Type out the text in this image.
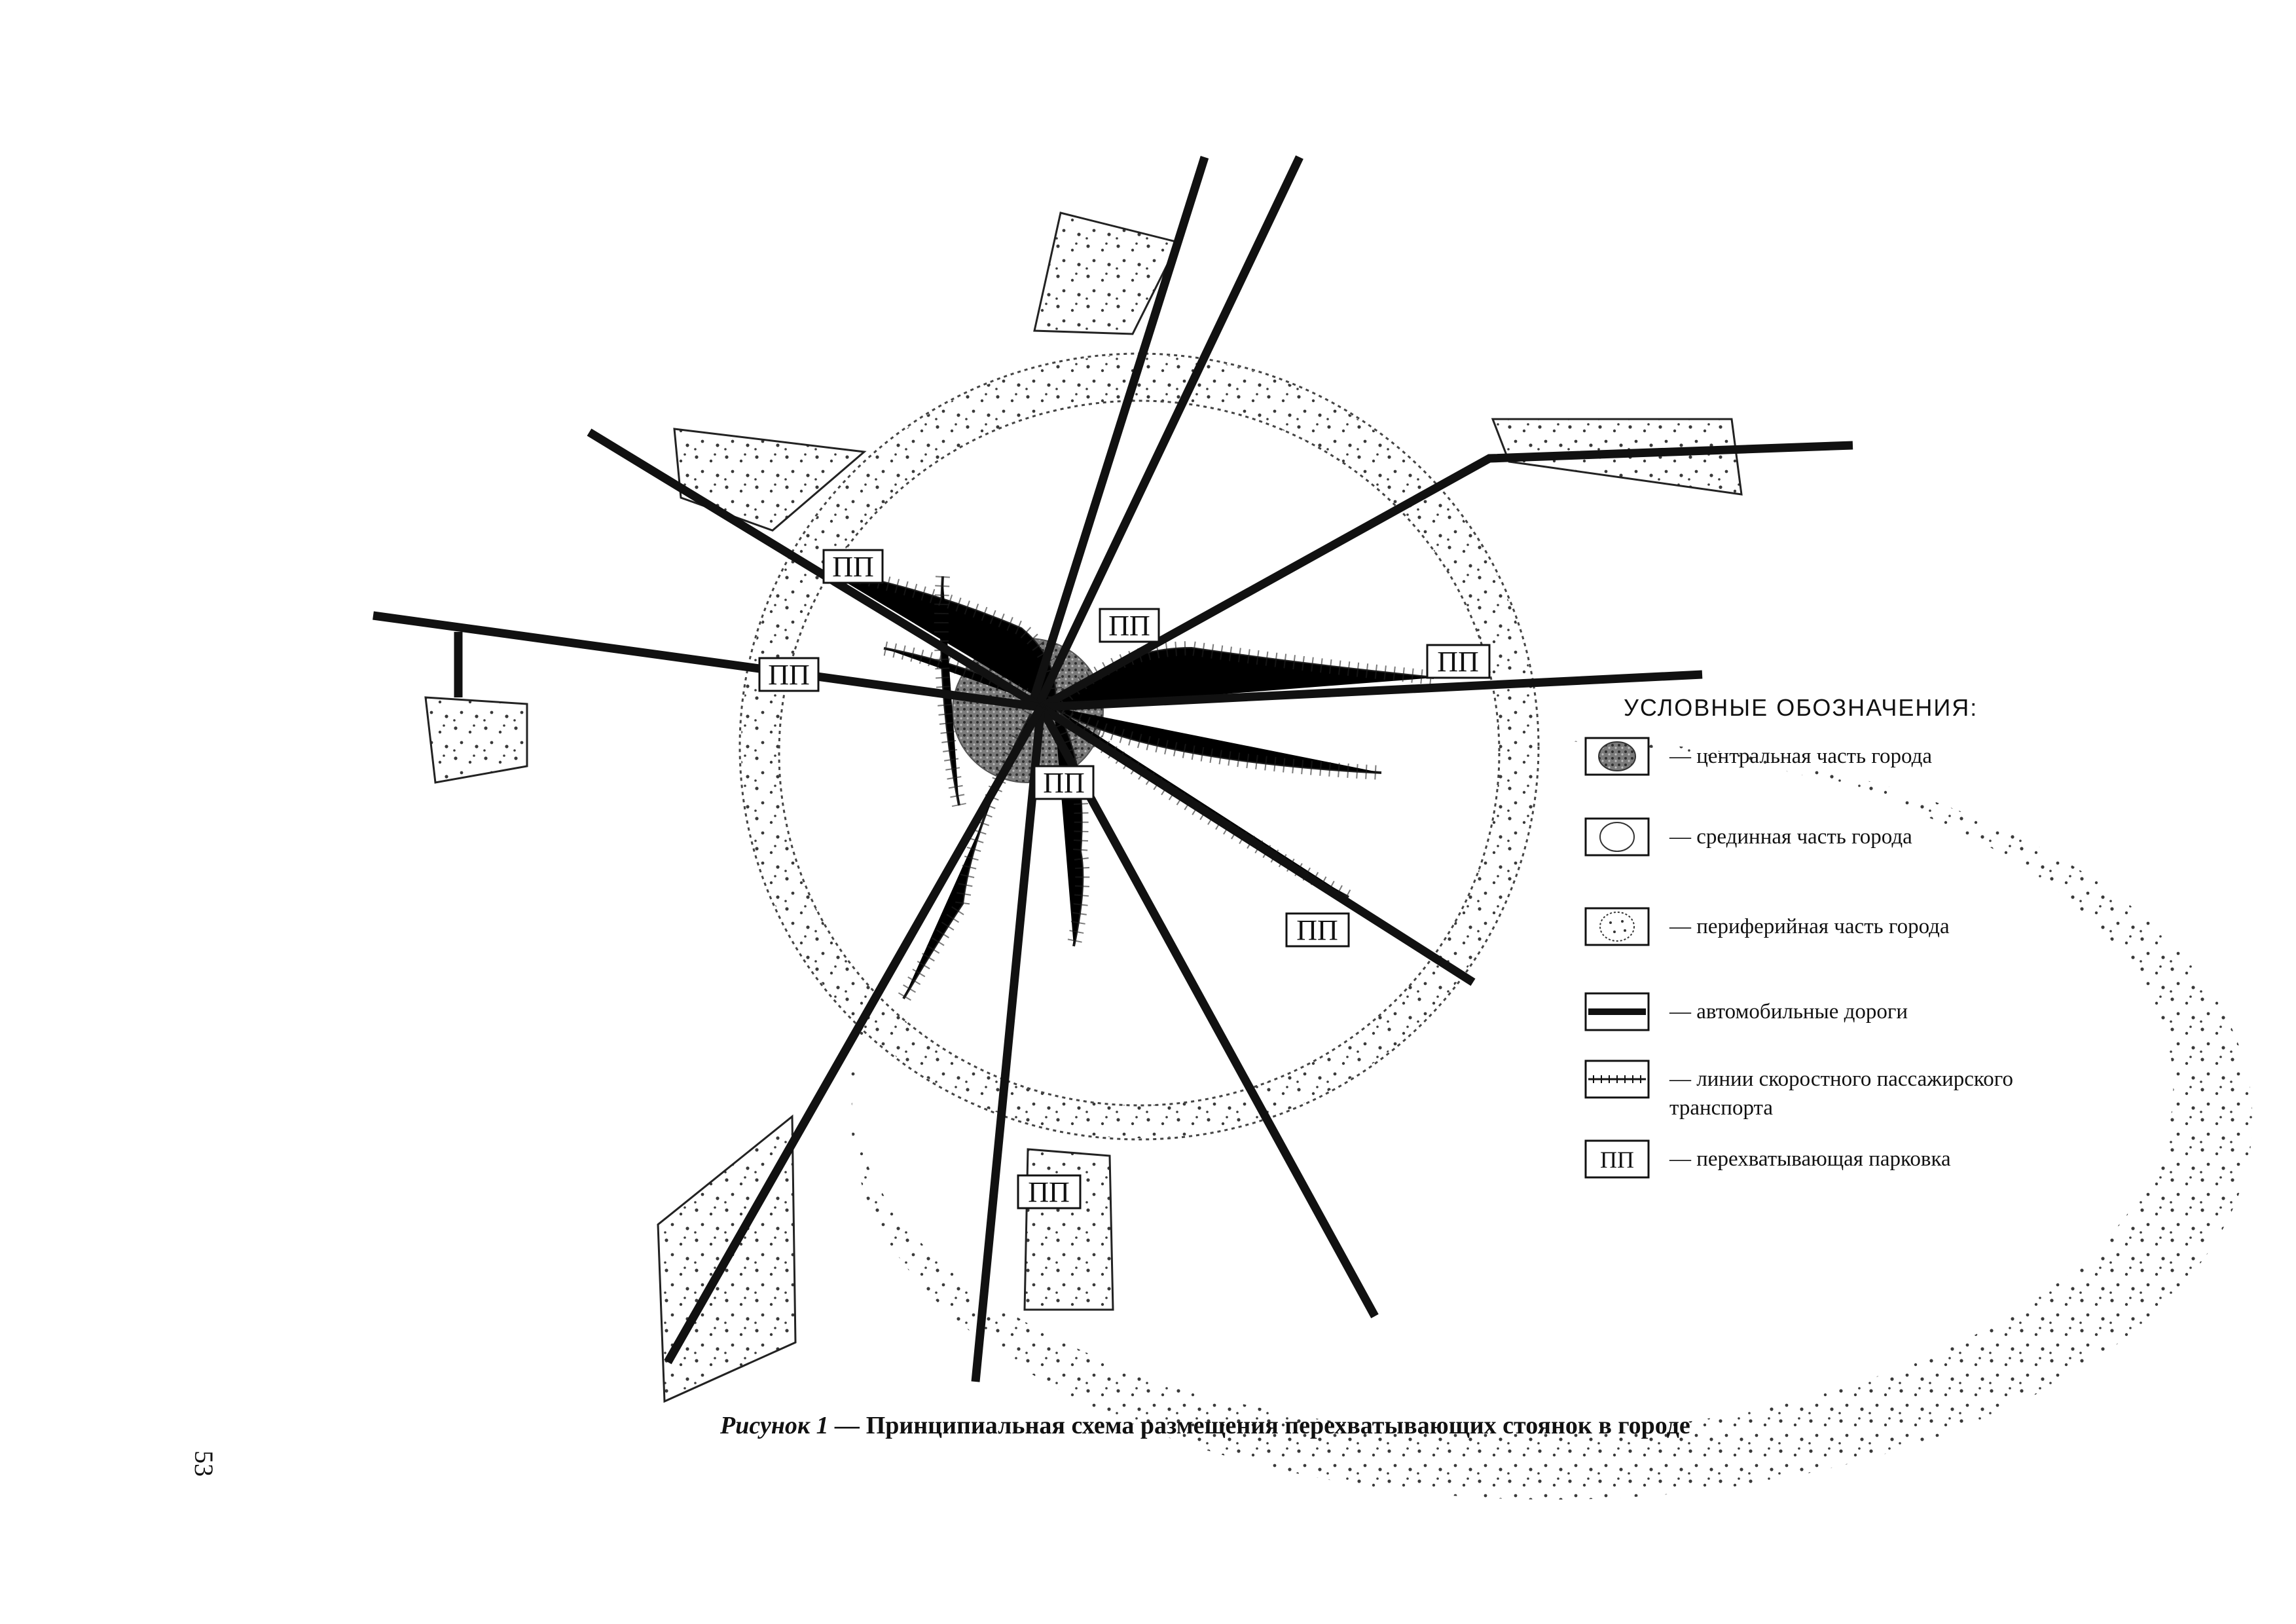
ПП
ПП
ПП
ПП
ПП
ПП
ПП
УСЛОВНЫЕ ОБОЗНАЧЕНИЯ:
— центральная часть города
— срединная часть города
— периферийная часть города
— автомобильные дороги
— линии скоростного пассажирского транспорта
ПП — перехватывающая парковка
Рисунок 1 — Принципиальная схема размещения перехватывающих стоянок в городе
53
